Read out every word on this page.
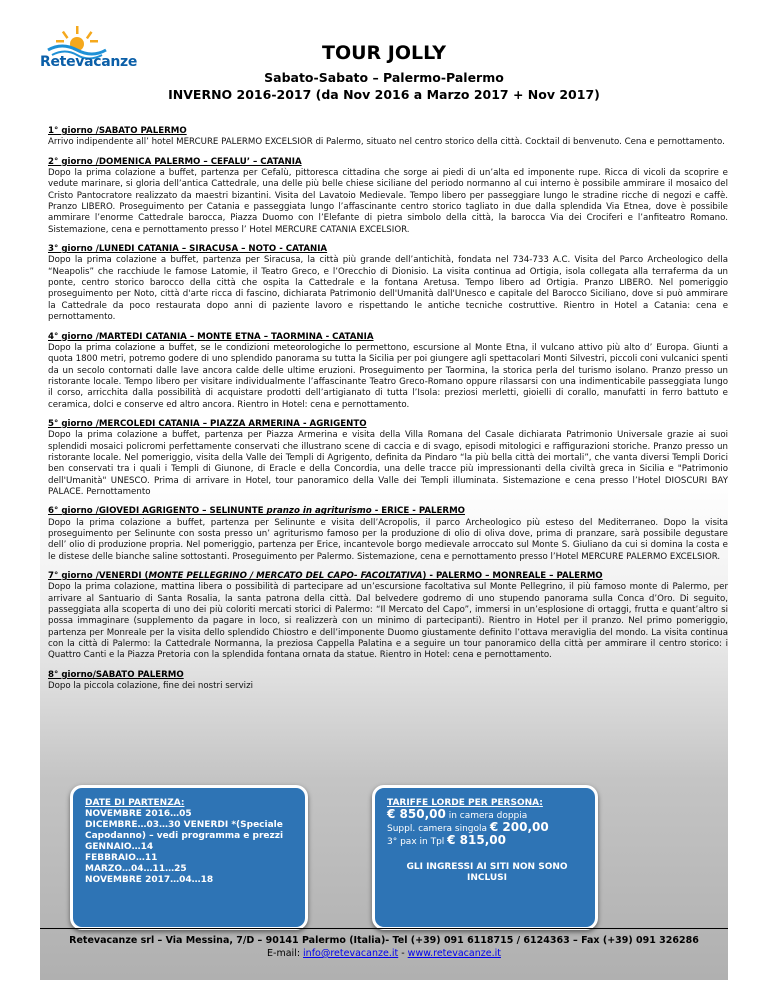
Retevacanze	TOUR JOLLY
Sabato-Sabato – Palermo-Palermo
INVERNO 2016-2017 (da Nov 2016 a Marzo 2017 + Nov 2017)
1° giorno /SABATO PALERMO
Arrivo indipendente all’ hotel MERCURE PALERMO EXCELSIOR di Palermo, situato nel centro storico della città. Cocktail di benvenuto. Cena e pernottamento.
2° giorno /DOMENICA PALERMO – CEFALU’ – CATANIA
Dopo la prima colazione a buffet, partenza per Cefalù, pittoresca cittadina che sorge ai piedi di un’alta ed imponente rupe. Ricca di vicoli da scoprire e vedute marinare, si gloria dell’antica Cattedrale, una delle più belle chiese siciliane del periodo normanno al cui interno è possibile ammirare il mosaico del Cristo Pantocratore realizzato da maestri bizantini. Visita del Lavatoio Medievale. Tempo libero per passeggiare lungo le stradine ricche di negozi e caffè. Pranzo LIBERO. Proseguimento per Catania e passeggiata lungo l’affascinante centro storico tagliato in due dalla splendida Via Etnea, dove è possibile ammirare l’enorme Cattedrale barocca, Piazza Duomo con l’Elefante di pietra simbolo della città, la barocca Via dei Crociferi e l’anfiteatro Romano. Sistemazione, cena e pernottamento presso l’ Hotel MERCURE CATANIA EXCELSIOR.
3° giorno /LUNEDI CATANIA – SIRACUSA – NOTO - CATANIA
Dopo la prima colazione a buffet, partenza per Siracusa, la città più grande dell’antichità, fondata nel 734-733 A.C. Visita del Parco Archeologico della “Neapolis” che racchiude le famose Latomie, il Teatro Greco, e l’Orecchio di Dionisio. La visita continua ad Ortigia, isola collegata alla terraferma da un ponte, centro storico barocco della città che ospita la Cattedrale e la fontana Aretusa. Tempo libero ad Ortigia. Pranzo LIBERO. Nel pomeriggio proseguimento per Noto, città d'arte ricca di fascino, dichiarata Patrimonio dell'Umanità dall'Unesco e capitale del Barocco Siciliano, dove si può ammirare la Cattedrale da poco restaurata dopo anni di paziente lavoro e rispettando le antiche tecniche costruttive. Rientro in Hotel a Catania: cena e pernottamento.
4° giorno /MARTEDI CATANIA – MONTE ETNA – TAORMINA - CATANIA
Dopo la prima colazione a buffet, se le condizioni meteorologiche lo permettono, escursione al Monte Etna, il vulcano attivo più alto d’ Europa. Giunti a quota 1800 metri, potremo godere di uno splendido panorama su tutta la Sicilia per poi giungere agli spettacolari Monti Silvestri, piccoli coni vulcanici spenti da un secolo contornati dalle lave ancora calde delle ultime eruzioni. Proseguimento per Taormina, la storica perla del turismo isolano. Pranzo presso un ristorante locale. Tempo libero per visitare individualmente l’affascinante Teatro Greco-Romano oppure rilassarsi con una indimenticabile passeggiata lungo il corso, arricchita dalla possibilità di acquistare prodotti dell’artigianato di tutta l’Isola: preziosi merletti, gioielli di corallo, manufatti in ferro battuto e ceramica, dolci e conserve ed altro ancora. Rientro in Hotel: cena e pernottamento.
5° giorno /MERCOLEDI CATANIA – PIAZZA ARMERINA - AGRIGENTO
Dopo la prima colazione a buffet, partenza per Piazza Armerina e visita della Villa Romana del Casale dichiarata Patrimonio Universale grazie ai suoi splendidi mosaici policromi perfettamente conservati che illustrano scene di caccia e di svago, episodi mitologici e raffigurazioni storiche. Pranzo presso un ristorante locale. Nel pomeriggio, visita della Valle dei Templi di Agrigento, definita da Pindaro “la più bella città dei mortali”, che vanta diversi Templi Dorici ben conservati tra i quali i Templi di Giunone, di Eracle e della Concordia, una delle tracce più impressionanti della civiltà greca in Sicilia e "Patrimonio dell'Umanità" UNESCO. Prima di arrivare in Hotel, tour panoramico della Valle dei Templi illuminata. Sistemazione e cena presso l’Hotel DIOSCURI BAY PALACE. Pernottamento
6° giorno /GIOVEDI AGRIGENTO – SELINUNTE pranzo in agriturismo - ERICE - PALERMO
Dopo la prima colazione a buffet, partenza per Selinunte e visita dell’Acropolis, il parco Archeologico più esteso del Mediterraneo. Dopo la visita proseguimento per Selinunte con sosta presso un’ agriturismo famoso per la produzione di olio di oliva dove, prima di pranzare, sarà possibile degustare dell’ olio di produzione propria. Nel pomeriggio, partenza per Erice, incantevole borgo medievale arroccato sul Monte S. Giuliano da cui si domina la costa e le distese delle bianche saline sottostanti. Proseguimento per Palermo. Sistemazione, cena e pernottamento presso l’Hotel MERCURE PALERMO EXCELSIOR.
7° giorno /VENERDI (MONTE PELLEGRINO / MERCATO DEL CAPO- FACOLTATIVA) - PALERMO – MONREALE – PALERMO
Dopo la prima colazione, mattina libera o possibilità di partecipare ad un’escursione facoltativa sul Monte Pellegrino, il più famoso monte di Palermo, per arrivare al Santuario di Santa Rosalia, la santa patrona della città. Dal belvedere godremo di uno stupendo panorama sulla Conca d’Oro. Di seguito, passeggiata alla scoperta di uno dei più coloriti mercati storici di Palermo: “Il Mercato del Capo”, immersi in un’esplosione di ortaggi, frutta e quant’altro si possa immaginare (supplemento da pagare in loco, si realizzerà con un minimo di partecipanti). Rientro in Hotel per il pranzo. Nel primo pomeriggio, partenza per Monreale per la visita dello splendido Chiostro e dell’imponente Duomo giustamente definito l’ottava meraviglia del mondo. La visita continua con la città di Palermo: la Cattedrale Normanna, la preziosa Cappella Palatina e a seguire un tour panoramico della città per ammirare il centro storico: i Quattro Canti e la Piazza Pretoria con la splendida fontana ornata da statue. Rientro in Hotel: cena e pernottamento.
8° giorno/SABATO PALERMO
Dopo la piccola colazione, fine dei nostri servizi
DATE DI PARTENZA:
NOVEMBRE 2016…05
DICEMBRE…03…30 VENERDI *(Speciale Capodanno) – vedi programma e prezzi
GENNAIO…14
FEBBRAIO…11
MARZO…04…11…25
NOVEMBRE 2017…04…18
TARIFFE LORDE PER PERSONA:
€ 850,00 in camera doppia
Suppl. camera singola € 200,00
3° pax in Tpl € 815,00
GLI INGRESSI AI SITI NON SONO INCLUSI
Retevacanze srl – Via Messina, 7/D – 90141 Palermo (Italia)- Tel (+39) 091 6118715 / 6124363 – Fax (+39) 091 326286
E-mail: info@retevacanze.it - www.retevacanze.it
